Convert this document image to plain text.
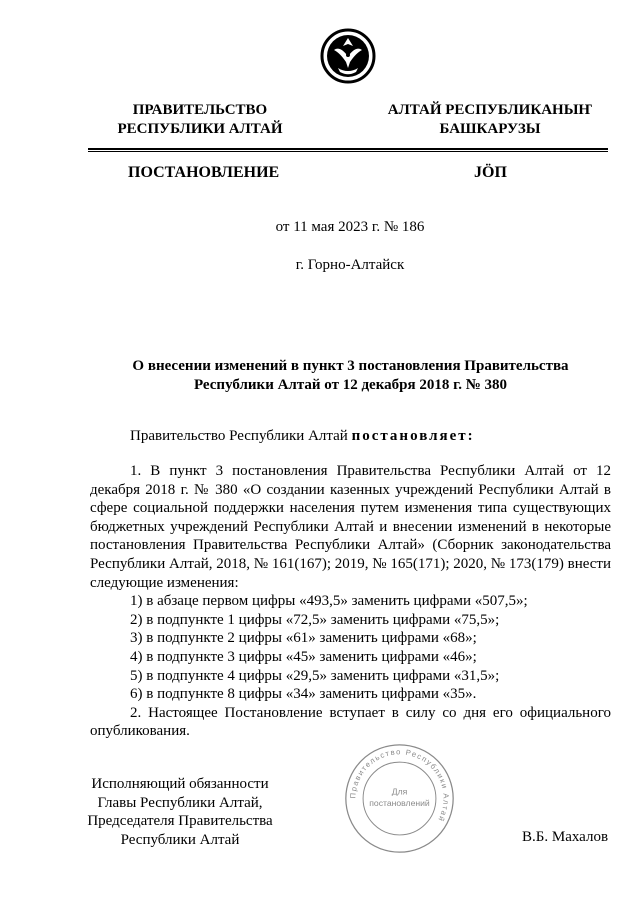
ПРАВИТЕЛЬСТВО
РЕСПУБЛИКИ АЛТАЙ
АЛТАЙ РЕСПУБЛИКАНЫҤ
БАШКАРУЗЫ
ПОСТАНОВЛЕНИЕ	JӦП
от 11 мая 2023 г. № 186
г. Горно-Алтайск
О внесении изменений в пункт 3 постановления Правительства
Республики Алтай от 12 декабря 2018 г. № 380
Правительство Республики Алтай постановляет:

1. В пункт 3 постановления Правительства Республики Алтай от 12 декабря 2018 г. № 380 «О создании казенных учреждений Республики Алтай в сфере социальной поддержки населения путем изменения типа существующих бюджетных учреждений Республики Алтай и внесении изменений в некоторые постановления Правительства Республики Алтай» (Сборник законодательства Республики Алтай, 2018, № 161(167); 2019, № 165(171); 2020, № 173(179) внести следующие изменения:

1) в абзаце первом цифры «493,5» заменить цифрами «507,5»;

2) в подпункте 1 цифры «72,5» заменить цифрами «75,5»;

3) в подпункте 2 цифры «61» заменить цифрами «68»;

4) в подпункте 3 цифры «45» заменить цифрами «46»;

5) в подпункте 4 цифры «29,5» заменить цифрами «31,5»;

6) в подпункте 8 цифры «34» заменить цифрами «35».

2. Настоящее Постановление вступает в силу со дня его официального опубликования.

Исполняющий обязанности
Главы Республики Алтай,
Председателя Правительства
Республики Алтай	В.Б. Махалов
Правительство Республики Алтай
Для
постановлений
